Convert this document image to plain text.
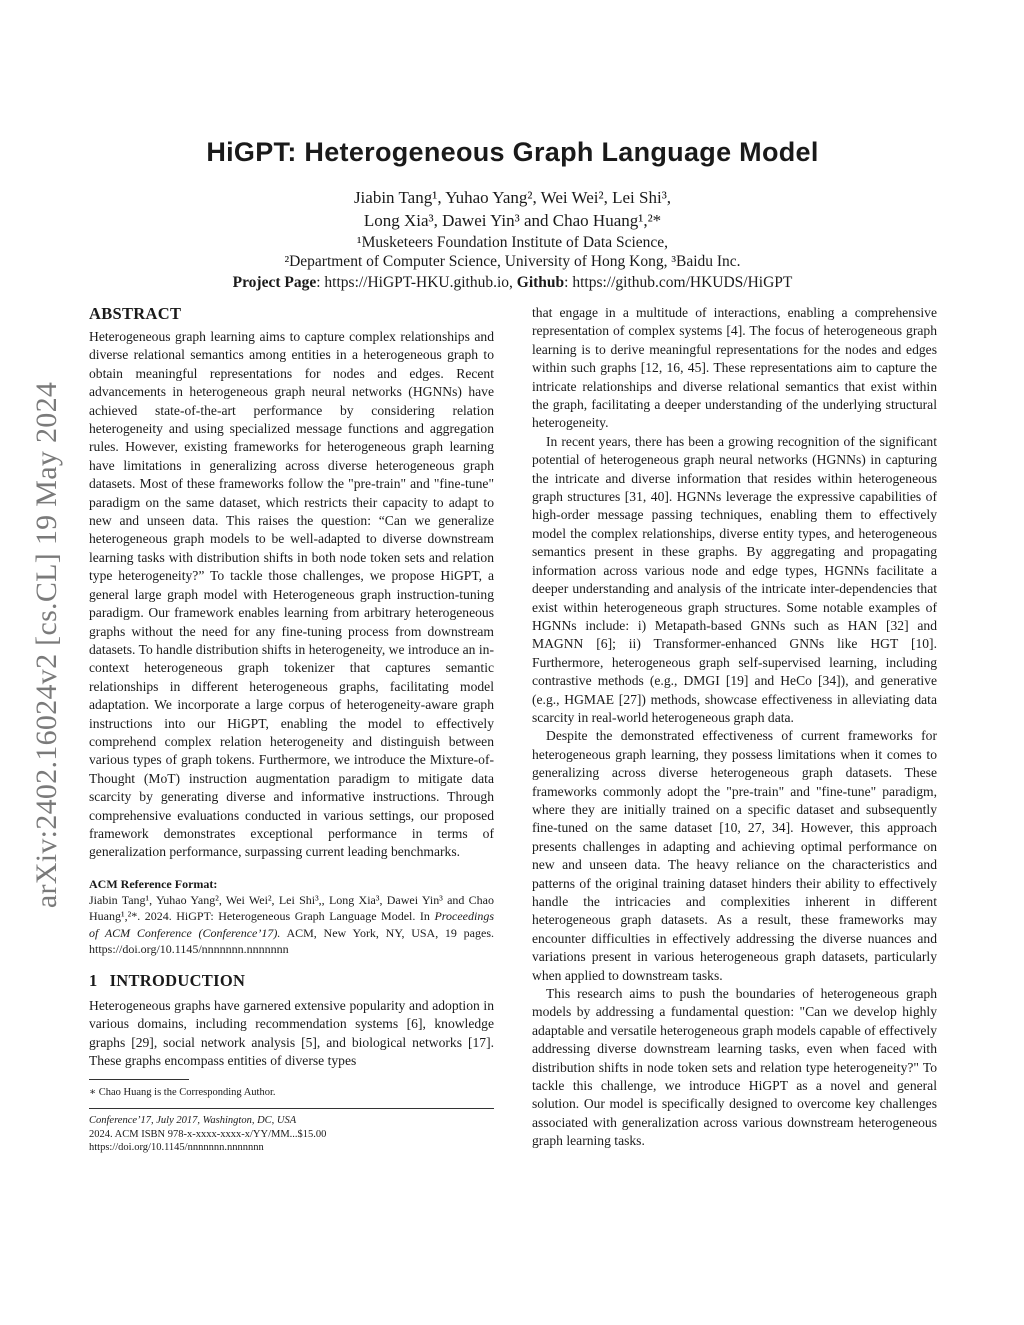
arXiv:2402.16024v2 [cs.CL] 19 May 2024
HiGPT: Heterogeneous Graph Language Model
Jiabin Tang¹, Yuhao Yang², Wei Wei², Lei Shi³,
Long Xia³, Dawei Yin³ and Chao Huang¹,²*
¹Musketeers Foundation Institute of Data Science,
²Department of Computer Science, University of Hong Kong, ³Baidu Inc.
Project Page: https://HiGPT-HKU.github.io, Github: https://github.com/HKUDS/HiGPT
ABSTRACT

Heterogeneous graph learning aims to capture complex relationships and diverse relational semantics among entities in a heterogeneous graph to obtain meaningful representations for nodes and edges. Recent advancements in heterogeneous graph neural networks (HGNNs) have achieved state-of-the-art performance by considering relation heterogeneity and using specialized message functions and aggregation rules. However, existing frameworks for heterogeneous graph learning have limitations in generalizing across diverse heterogeneous graph datasets. Most of these frameworks follow the "pre-train" and "fine-tune" paradigm on the same dataset, which restricts their capacity to adapt to new and unseen data. This raises the question: “Can we generalize heterogeneous graph models to be well-adapted to diverse downstream learning tasks with distribution shifts in both node token sets and relation type heterogeneity?” To tackle those challenges, we propose HiGPT, a general large graph model with Heterogeneous graph instruction-tuning paradigm. Our framework enables learning from arbitrary heterogeneous graphs without the need for any fine-tuning process from downstream datasets. To handle distribution shifts in heterogeneity, we introduce an in-context heterogeneous graph tokenizer that captures semantic relationships in different heterogeneous graphs, facilitating model adaptation. We incorporate a large corpus of heterogeneity-aware graph instructions into our HiGPT, enabling the model to effectively comprehend complex relation heterogeneity and distinguish between various types of graph tokens. Furthermore, we introduce the Mixture-of-Thought (MoT) instruction augmentation paradigm to mitigate data scarcity by generating diverse and informative instructions. Through comprehensive evaluations conducted in various settings, our proposed framework demonstrates exceptional performance in terms of generalization performance, surpassing current leading benchmarks.

ACM Reference Format:

Jiabin Tang¹, Yuhao Yang², Wei Wei², Lei Shi³,, Long Xia³, Dawei Yin³ and Chao Huang¹,²*. 2024. HiGPT: Heterogeneous Graph Language Model. In Proceedings of ACM Conference (Conference’17). ACM, New York, NY, USA, 19 pages. https://doi.org/10.1145/nnnnnnn.nnnnnnn

1 INTRODUCTION

Heterogeneous graphs have garnered extensive popularity and adoption in various domains, including recommendation systems [6], knowledge graphs [29], social network analysis [5], and biological networks [17]. These graphs encompass entities of diverse types

∗ Chao Huang is the Corresponding Author.
Conference’17, July 2017, Washington, DC, USA
2024. ACM ISBN 978-x-xxxx-xxxx-x/YY/MM...$15.00
https://doi.org/10.1145/nnnnnnn.nnnnnnn

that engage in a multitude of interactions, enabling a comprehensive representation of complex systems [4]. The focus of heterogeneous graph learning is to derive meaningful representations for the nodes and edges within such graphs [12, 16, 45]. These representations aim to capture the intricate relationships and diverse relational semantics that exist within the graph, facilitating a deeper understanding of the underlying structural heterogeneity.

In recent years, there has been a growing recognition of the significant potential of heterogeneous graph neural networks (HGNNs) in capturing the intricate and diverse information that resides within heterogeneous graph structures [31, 40]. HGNNs leverage the expressive capabilities of high-order message passing techniques, enabling them to effectively model the complex relationships, diverse entity types, and heterogeneous semantics present in these graphs. By aggregating and propagating information across various node and edge types, HGNNs facilitate a deeper understanding and analysis of the intricate inter-dependencies that exist within heterogeneous graph structures. Some notable examples of HGNNs include: i) Metapath-based GNNs such as HAN [32] and MAGNN [6]; ii) Transformer-enhanced GNNs like HGT [10]. Furthermore, heterogeneous graph self-supervised learning, including contrastive methods (e.g., DMGI [19] and HeCo [34]), and generative (e.g., HGMAE [27]) methods, showcase effectiveness in alleviating data scarcity in real-world heterogeneous graph data.

Despite the demonstrated effectiveness of current frameworks for heterogeneous graph learning, they possess limitations when it comes to generalizing across diverse heterogeneous graph datasets. These frameworks commonly adopt the "pre-train" and "fine-tune" paradigm, where they are initially trained on a specific dataset and subsequently fine-tuned on the same dataset [10, 27, 34]. However, this approach presents challenges in adapting and achieving optimal performance on new and unseen data. The heavy reliance on the characteristics and patterns of the original training dataset hinders their ability to effectively handle the intricacies and complexities inherent in different heterogeneous graph datasets. As a result, these frameworks may encounter difficulties in effectively addressing the diverse nuances and variations present in various heterogeneous graph datasets, particularly when applied to downstream tasks.

This research aims to push the boundaries of heterogeneous graph models by addressing a fundamental question: "Can we develop highly adaptable and versatile heterogeneous graph models capable of effectively addressing diverse downstream learning tasks, even when faced with distribution shifts in node token sets and relation type heterogeneity?" To tackle this challenge, we introduce HiGPT as a novel and general solution. Our model is specifically designed to overcome key challenges associated with generalization across various downstream heterogeneous graph learning tasks.
